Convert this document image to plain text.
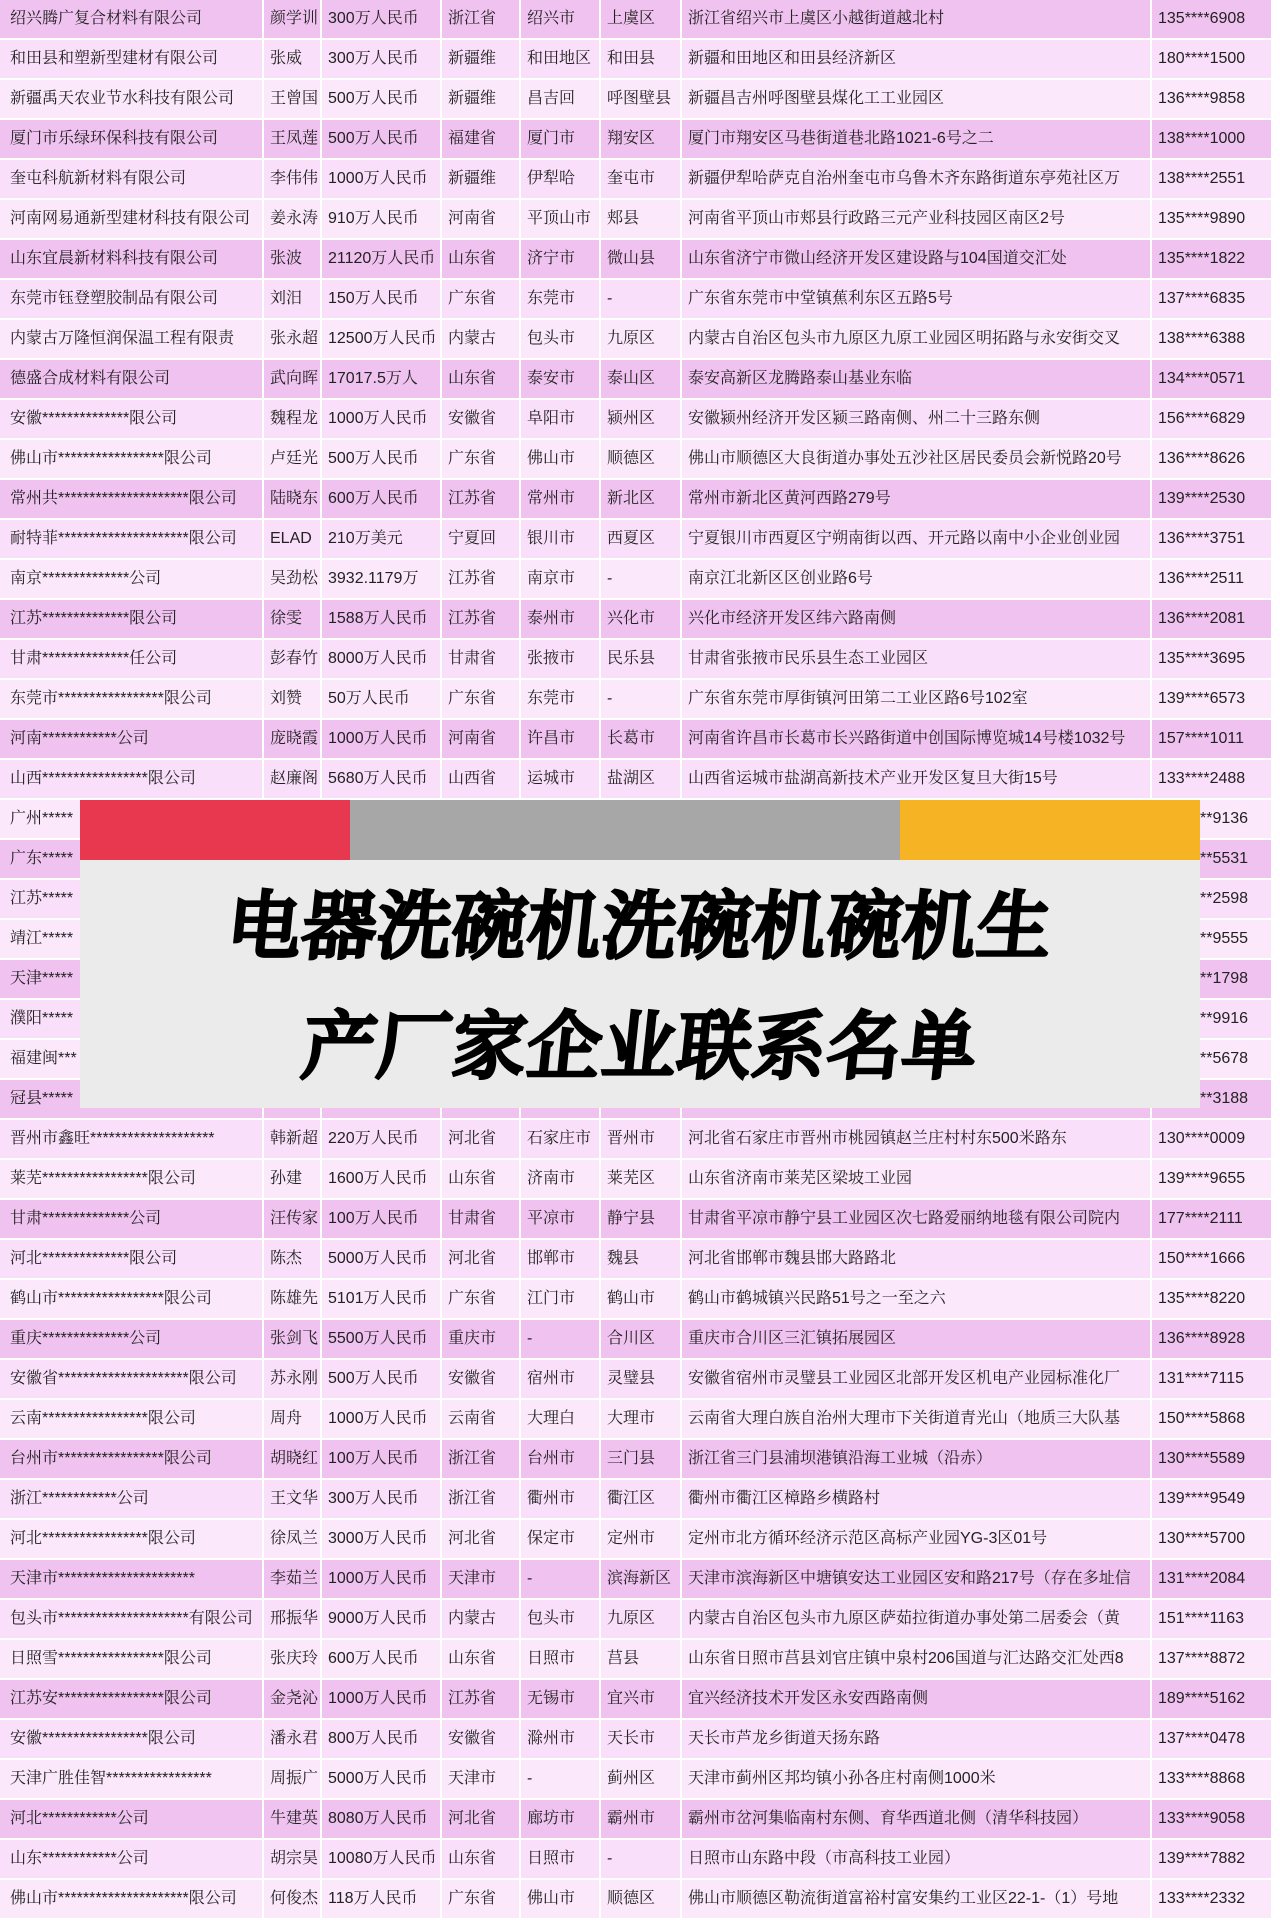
绍兴腾广复合材料有限公司	颜学训 300万人民币	浙江省	绍兴市	上虞区	浙江省绍兴市上虞区小越街道越北村	135****6908
和田县和塑新型建材有限公司	张威	300万人民币	新疆维	和田地区 和田县	新疆和田地区和田县经济新区	180****1500
新疆禹天农业节水科技有限公司	王曾国 500万人民币	新疆维	昌吉回	呼图壁县	新疆昌吉州呼图壁县煤化工工业园区	136****9858
厦门市乐绿环保科技有限公司	王凤莲 500万人民币	福建省	厦门市	翔安区	厦门市翔安区马巷街道巷北路1021-6号之二	138****1000
奎屯科航新材料有限公司	李伟伟 1000万人民币	新疆维	伊犁哈	奎屯市	新疆伊犁哈萨克自治州奎屯市乌鲁木齐东路街道东亭苑社区万	138****2551
河南网易通新型建材科技有限公司	姜永涛 910万人民币	河南省	平顶山市 郏县	河南省平顶山市郏县行政路三元产业科技园区南区2号	135****9890
山东宜晨新材料科技有限公司	张波	21120万人民币 山东省	济宁市	微山县	山东省济宁市微山经济开发区建设路与104国道交汇处	135****1822
东莞市钰登塑胶制品有限公司	刘汨	150万人民币	广东省	东莞市	-	广东省东莞市中堂镇蕉利东区五路5号	137****6835
内蒙古万隆恒润保温工程有限责	张永超 12500万人民币 内蒙古	包头市	九原区	内蒙古自治区包头市九原区九原工业园区明拓路与永安街交叉	138****6388
德盛合成材料有限公司	武向晖 17017.5万人	山东省	泰安市	泰山区	泰安高新区龙腾路泰山基业东临	134****0571
安徽**************限公司	魏程龙 1000万人民币	安徽省	阜阳市	颍州区	安徽颍州经济开发区颍三路南侧、州二十三路东侧	156****6829
佛山市*****************限公司	卢廷光 500万人民币	广东省	佛山市	顺德区	佛山市顺德区大良街道办事处五沙社区居民委员会新悦路20号	136****8626
常州共*********************限公司	陆晓东 600万人民币	江苏省	常州市	新北区	常州市新北区黄河西路279号	139****2530
耐特菲*********************限公司	ELAD	210万美元	宁夏回	银川市	西夏区	宁夏银川市西夏区宁朔南街以西、开元路以南中小企业创业园	136****3751
南京**************公司	吴劲松 3932.1179万	江苏省	南京市	-	南京江北新区区创业路6号	136****2511
江苏**************限公司	徐雯	1588万人民币	江苏省	泰州市	兴化市	兴化市经济开发区纬六路南侧	136****2081
甘肃**************任公司	彭春竹 8000万人民币	甘肃省	张掖市	民乐县	甘肃省张掖市民乐县生态工业园区	135****3695
东莞市*****************限公司	刘赞	50万人民币	广东省	东莞市	-	广东省东莞市厚街镇河田第二工业区路6号102室	139****6573
河南************公司	庞晓霞 1000万人民币	河南省	许昌市	长葛市	河南省许昌市长葛市长兴路街道中创国际博览城14号楼1032号	157****1011
山西*****************限公司	赵廉阁 5680万人民币	山西省	运城市	盐湖区	山西省运城市盐湖高新技术产业开发区复旦大街15号	133****2488
广州*****	**9136
广东*****	**5531
江苏*****	**2598
靖江*****	**9555
天津*****	**1798
濮阳*****	**9916
福建闽***	**5678
冠县*****	**3188
晋州市鑫旺********************	韩新超 220万人民币	河北省	石家庄市 晋州市	河北省石家庄市晋州市桃园镇赵兰庄村村东500米路东	130****0009
莱芜*****************限公司	孙建	1600万人民币	山东省	济南市	莱芜区	山东省济南市莱芜区梁坡工业园	139****9655
甘肃**************公司	汪传家 100万人民币	甘肃省	平凉市	静宁县	甘肃省平凉市静宁县工业园区次七路爱丽纳地毯有限公司院内	177****2111
河北**************限公司	陈杰	5000万人民币	河北省	邯郸市	魏县	河北省邯郸市魏县邯大路路北	150****1666
鹤山市*****************限公司	陈雄先 5101万人民币	广东省	江门市	鹤山市	鹤山市鹤城镇兴民路51号之一至之六	135****8220
重庆**************公司	张剑飞 5500万人民币	重庆市	-	合川区	重庆市合川区三汇镇拓展园区	136****8928
安徽省*********************限公司	苏永刚 500万人民币	安徽省	宿州市	灵璧县	安徽省宿州市灵璧县工业园区北部开发区机电产业园标准化厂	131****7115
云南*****************限公司	周舟	1000万人民币	云南省	大理白	大理市	云南省大理白族自治州大理市下关街道青光山（地质三大队基	150****5868
台州市*****************限公司	胡晓红 100万人民币	浙江省	台州市	三门县	浙江省三门县浦坝港镇沿海工业城（沿赤）	130****5589
浙江************公司	王文华 300万人民币	浙江省	衢州市	衢江区	衢州市衢江区樟路乡横路村	139****9549
河北*****************限公司	徐凤兰 3000万人民币	河北省	保定市	定州市	定州市北方循环经济示范区高标产业园YG-3区01号	130****5700
天津市**********************	李茹兰 1000万人民币	天津市	-	滨海新区	天津市滨海新区中塘镇安达工业园区安和路217号（存在多址信	131****2084
包头市*********************有限公司	邢振华 9000万人民币	内蒙古	包头市	九原区	内蒙古自治区包头市九原区萨茹拉街道办事处第二居委会（黄	151****1163
日照雪*****************限公司	张庆玲 600万人民币	山东省	日照市	莒县	山东省日照市莒县刘官庄镇中泉村206国道与汇达路交汇处西8	137****8872
江苏安*****************限公司	金尧沁 1000万人民币	江苏省	无锡市	宜兴市	宜兴经济技术开发区永安西路南侧	189****5162
安徽*****************限公司	潘永君 800万人民币	安徽省	滁州市	天长市	天长市芦龙乡街道天扬东路	137****0478
天津广胜佳智*****************	周振广 5000万人民币	天津市	-	蓟州区	天津市蓟州区邦均镇小孙各庄村南侧1000米	133****8868
河北************公司	牛建英 8080万人民币	河北省	廊坊市	霸州市	霸州市岔河集临南村东侧、育华西道北侧（清华科技园）	133****9058
山东************公司	胡宗昊 10080万人民币 山东省	日照市	-	日照市山东路中段（市高科技工业园）	139****7882
佛山市*********************限公司	何俊杰 118万人民币	广东省	佛山市	顺德区	佛山市顺德区勒流街道富裕村富安集约工业区22-1-（1）号地	133****2332
电器洗碗机洗碗机碗机生
产厂家企业联系名单
